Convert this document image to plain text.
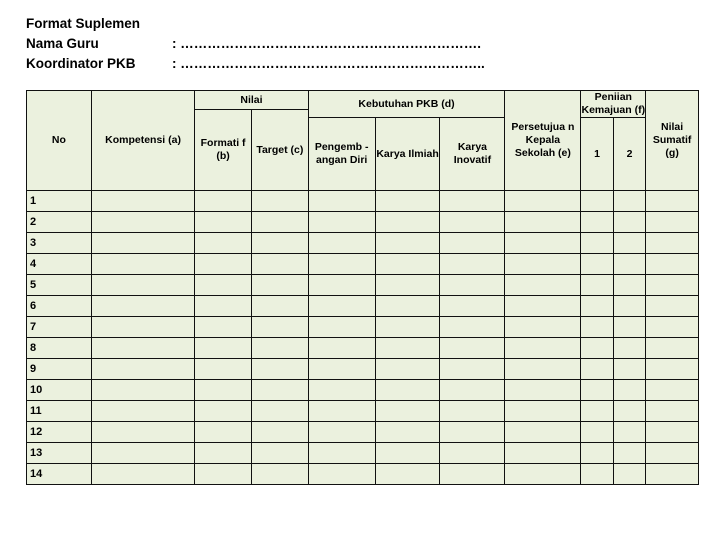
Format Suplemen
Nama Guru	: ………………………………………………………….
Koordinator PKB	: …………………………………………………………..
No	Kompetensi (a)	Nilai		Kebutuhan PKB (d)			Persetujua n Kepala Sekolah (e)	Peniian Kemajuan (f)		Nilai Sumatif (g)
		Formati f (b)	Target (c)							
				Pengemb -angan Diri	Karya Ilmiah	Karya Inovatif		1	2	
1										
2										
3										
4										
5										
6										
7										
8										
9										
10										
11										
12										
13										
14										
